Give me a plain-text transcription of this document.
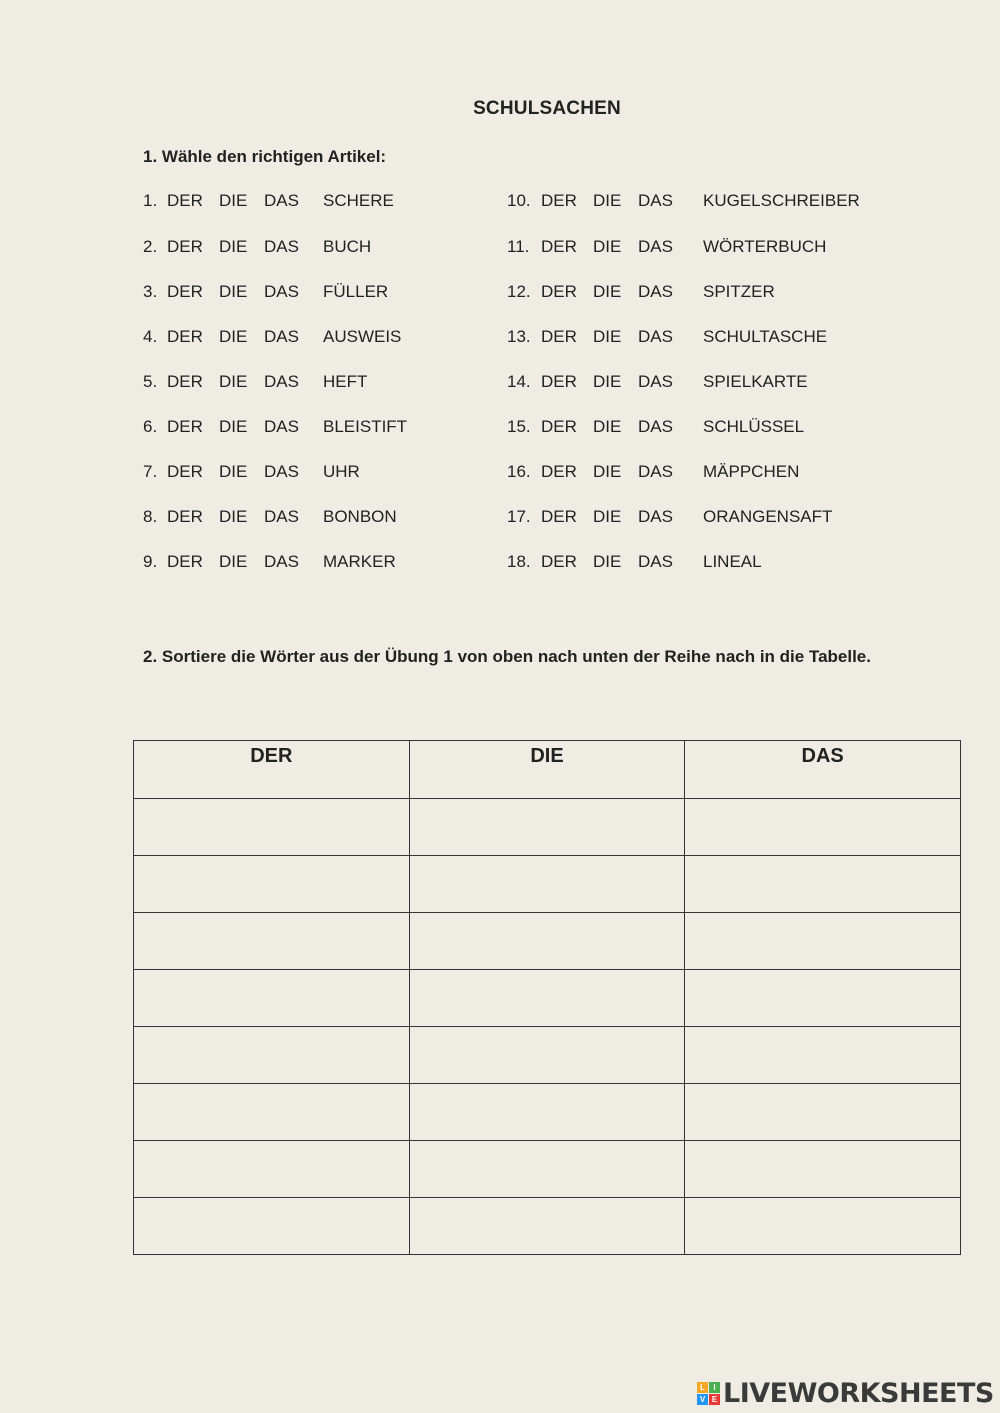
SCHULSACHEN
1. Wähle den richtigen Artikel:
1. DER DIE DAS SCHERE
2. DER DIE DAS BUCH
3. DER DIE DAS FÜLLER
4. DER DIE DAS AUSWEIS
5. DER DIE DAS HEFT
6. DER DIE DAS BLEISTIFT
7. DER DIE DAS UHR
8. DER DIE DAS BONBON
9. DER DIE DAS MARKER
10. DER DIE DAS KUGELSCHREIBER
11. DER DIE DAS WÖRTERBUCH
12. DER DIE DAS SPITZER
13. DER DIE DAS SCHULTASCHE
14. DER DIE DAS SPIELKARTE
15. DER DIE DAS SCHLÜSSEL
16. DER DIE DAS MÄPPCHEN
17. DER DIE DAS ORANGENSAFT
18. DER DIE DAS LINEAL
2. Sortiere die Wörter aus der Übung 1 von oben nach unten der Reihe nach in die Tabelle.
DER	DIE	DAS

L	I
V E LIVEWORKSHEETS
